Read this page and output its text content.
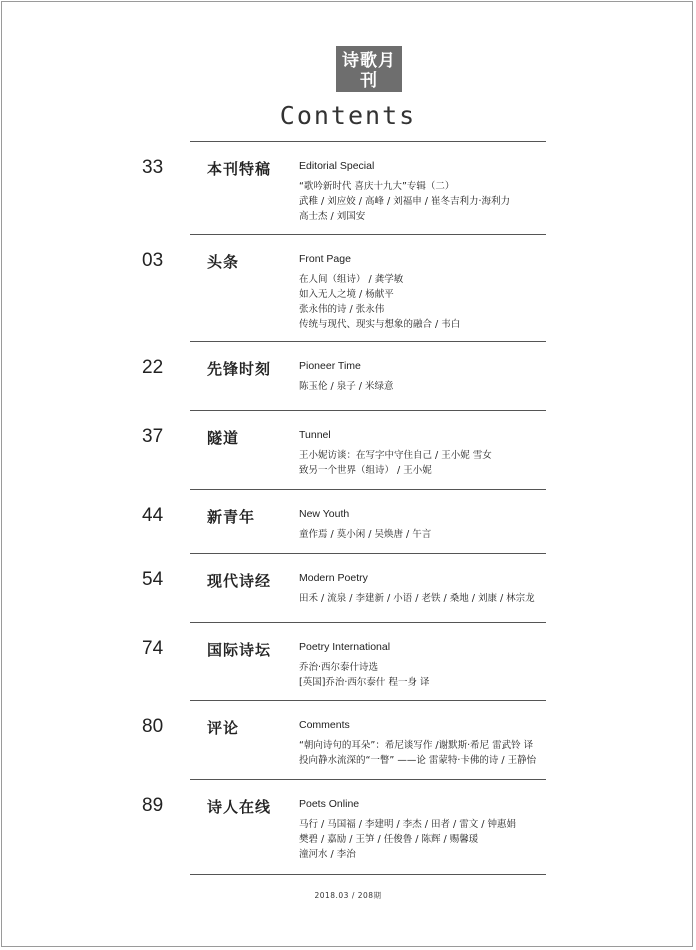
诗歌月刊
POETRY MONTHLY
Contents
33	本刊特稿	Editorial Special
“歌吟新时代 喜庆十九大”专辑（二）
武稚 / 刘应姣 / 高峰 / 刘福申 / 崔冬吉利力·海利力
高士杰 / 刘国安
03	头条	Front Page
在人间（组诗） / 龚学敏
如入无人之境 / 杨献平
张永伟的诗 / 张永伟
传统与现代、现实与想象的融合 / 韦白
22	先锋时刻	Pioneer Time
陈玉伦 / 泉子 / 米绿意
37	隧道	Tunnel
王小妮访谈：在写字中守住自己 / 王小妮 雪女
致另一个世界（组诗） / 王小妮
44	新青年	New Youth
童作焉 / 莫小闲 / 吴焕唐 / 午言
54	现代诗经	Modern Poetry
田禾 / 流泉 / 李建新 / 小语 / 老铁 / 桑地 / 刘康 / 林宗龙
74	国际诗坛	Poetry International
乔治·西尔泰什诗选
[英国]乔治·西尔泰什 程一身 译
80	评论	Comments
“朝向诗句的耳朵”：希尼谈写作 /谢默斯·希尼 雷武铃 译
投向静水流深的“一瞥” ——论 雷蒙特·卡佛的诗 / 王静怡
89	诗人在线	Poets Online
马行 / 马国福 / 李建明 / 李杰 / 田者 / 雷文 / 钟惠娟
樊碧 / 嘉励 / 王笋 / 任俊鲁 / 陈辉 / 赐馨瑗
潼河水 / 李治
2018.03 / 208期
